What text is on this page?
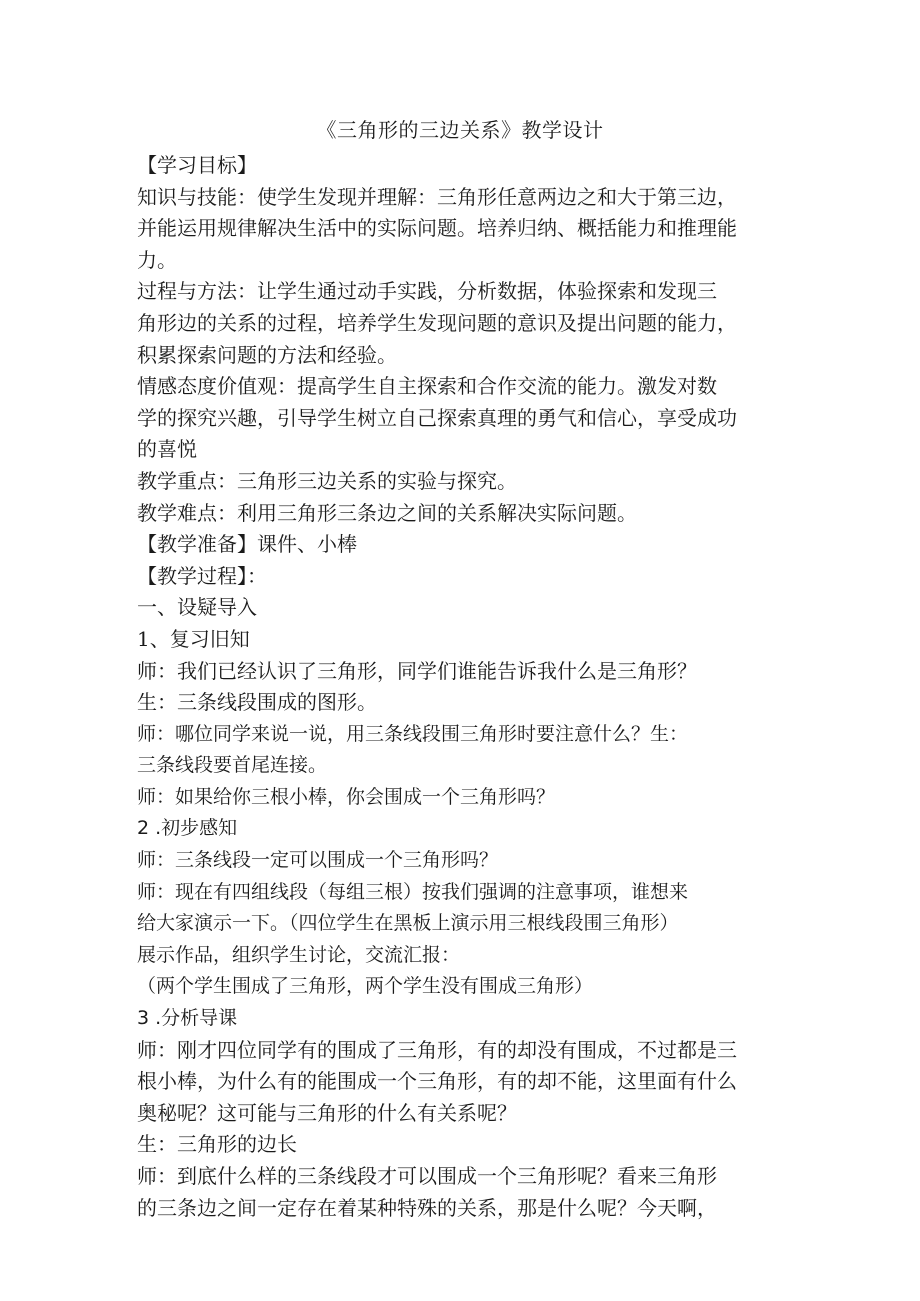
《三角形的三边关系》教学设计
【学习目标】
知识与技能：使学生发现并理解：三角形任意两边之和大于第三边，
并能运用规律解决生活中的实际问题。培养归纳、概括能力和推理能
力。
过程与方法：让学生通过动手实践，分析数据，体验探索和发现三
角形边的关系的过程，培养学生发现问题的意识及提出问题的能力，
积累探索问题的方法和经验。
情感态度价值观：提高学生自主探索和合作交流的能力。激发对数
学的探究兴趣，引导学生树立自己探索真理的勇气和信心，享受成功
的喜悦
教学重点：三角形三边关系的实验与探究。
教学难点：利用三角形三条边之间的关系解决实际问题。
【教学准备】课件、小棒
【教学过程】：
一、设疑导入
1、复习旧知
师：我们已经认识了三角形，同学们谁能告诉我什么是三角形？
生：三条线段围成的图形。
师：哪位同学来说一说，用三条线段围三角形时要注意什么？生：
三条线段要首尾连接。
师：如果给你三根小棒，你会围成一个三角形吗？
2 .初步感知
师：三条线段一定可以围成一个三角形吗？
师：现在有四组线段（每组三根）按我们强调的注意事项，谁想来
给大家演示一下。（四位学生在黑板上演示用三根线段围三角形）
展示作品，组织学生讨论，交流汇报：
（两个学生围成了三角形，两个学生没有围成三角形）
3 .分析导课
师：刚才四位同学有的围成了三角形，有的却没有围成，不过都是三
根小棒，为什么有的能围成一个三角形，有的却不能，这里面有什么
奥秘呢？这可能与三角形的什么有关系呢？
生：三角形的边长
师：到底什么样的三条线段才可以围成一个三角形呢？看来三角形
的三条边之间一定存在着某种特殊的关系，那是什么呢？今天啊，
